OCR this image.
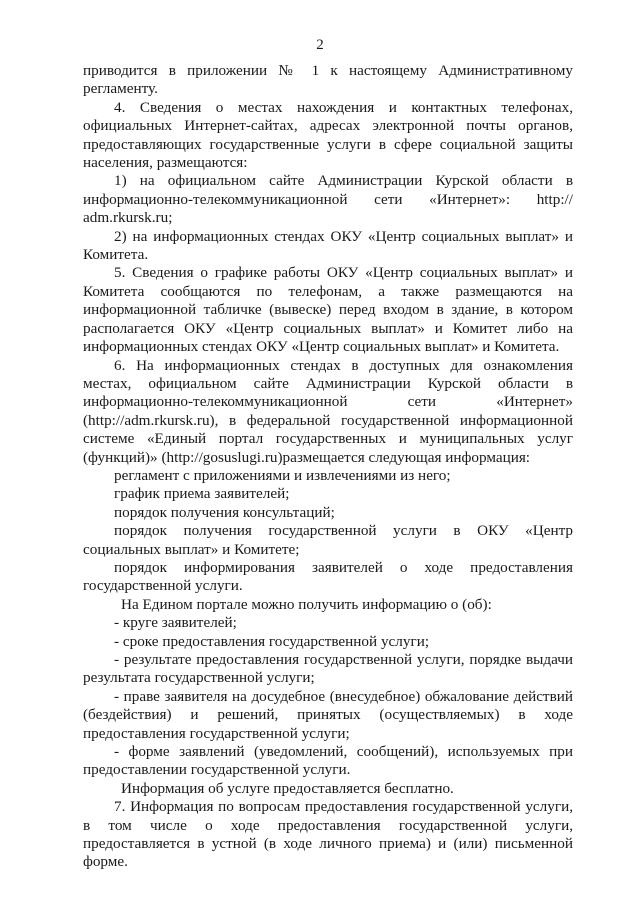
2

приводится в приложении № 1 к настоящему Административному регламенту.

4. Сведения о местах нахождения и контактных телефонах, официальных Интернет-сайтах, адресах электронной почты органов, предоставляющих государственные услуги в сфере социальной защиты населения, размещаются:

1) на официальном сайте Администрации Курской области в информационно-телекоммуникационной сети «Интернет»: http:// adm.rkursk.ru;

2) на информационных стендах ОКУ «Центр социальных выплат» и Комитета.

5. Сведения о графике работы ОКУ «Центр социальных выплат» и Комитета сообщаются по телефонам, а также размещаются на информационной табличке (вывеске) перед входом в здание, в котором располагается ОКУ «Центр социальных выплат» и Комитет либо на информационных стендах ОКУ «Центр социальных выплат» и Комитета.

6. На информационных стендах в доступных для ознакомления местах, официальном сайте Администрации Курской области в информационно-телекоммуникационной сети «Интернет» (http://adm.rkursk.ru), в федеральной государственной информационной системе «Единый портал государственных и муниципальных услуг (функций)» (http://gosuslugi.ru)размещается следующая информация:

регламент с приложениями и извлечениями из него;

график приема заявителей;

порядок получения консультаций;

порядок получения государственной услуги в ОКУ «Центр социальных выплат» и Комитете;

порядок информирования заявителей о ходе предоставления государственной услуги.

На Едином портале можно получить информацию о (об):

- круге заявителей;

- сроке предоставления государственной услуги;

- результате предоставления государственной услуги, порядке выдачи результата государственной услуги;

- праве заявителя на досудебное (внесудебное) обжалование действий (бездействия) и решений, принятых (осуществляемых) в ходе предоставления государственной услуги;

- форме заявлений (уведомлений, сообщений), используемых при предоставлении государственной услуги.

Информация об услуге предоставляется бесплатно.

7. Информация по вопросам предоставления государственной услуги, в том числе о ходе предоставления государственной услуги, предоставляется в устной (в ходе личного приема) и (или) письменной форме.
